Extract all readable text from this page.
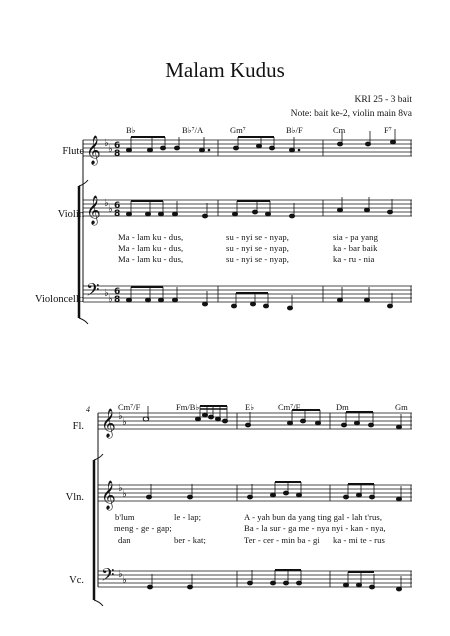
Malam Kudus
KRI 25 - 3 bait
Note: bait ke-2, violin main 8va
B♭	B♭⁷/A	Gm⁷	B♭/F	Cm	F⁷
Flute
Violin
Violoncello
Ma - lam ku - dus,	su - nyi se - nyap,	sia - pa yang
Ma - lam ku - dus,	su - nyi se - nyap,	ka - bar baik
Ma - lam ku - dus,	su - nyi se - nyap,	ka - ru - nia
4	Cm⁷/F	Fm/B♭	E♭	Cm⁷/F	Dm	Gm
Fl.
Vln.
Vc.
b'lum	le - lap;	A - yah bun da yang ting gal - lah t'rus,
meng - ge - gap;	Ba - la sur - ga me - nya nyi - kan - nya,
dan	ber - kat;	Ter - cer - min ba - gi ka - mi te - rus
𝄞
𝄞
𝄢
𝄞
𝄞
𝄢
♭
♭
♭
♭
♭
♭
♭
♭
♭
♭
♭
♭
6
8
6
8
6
8
